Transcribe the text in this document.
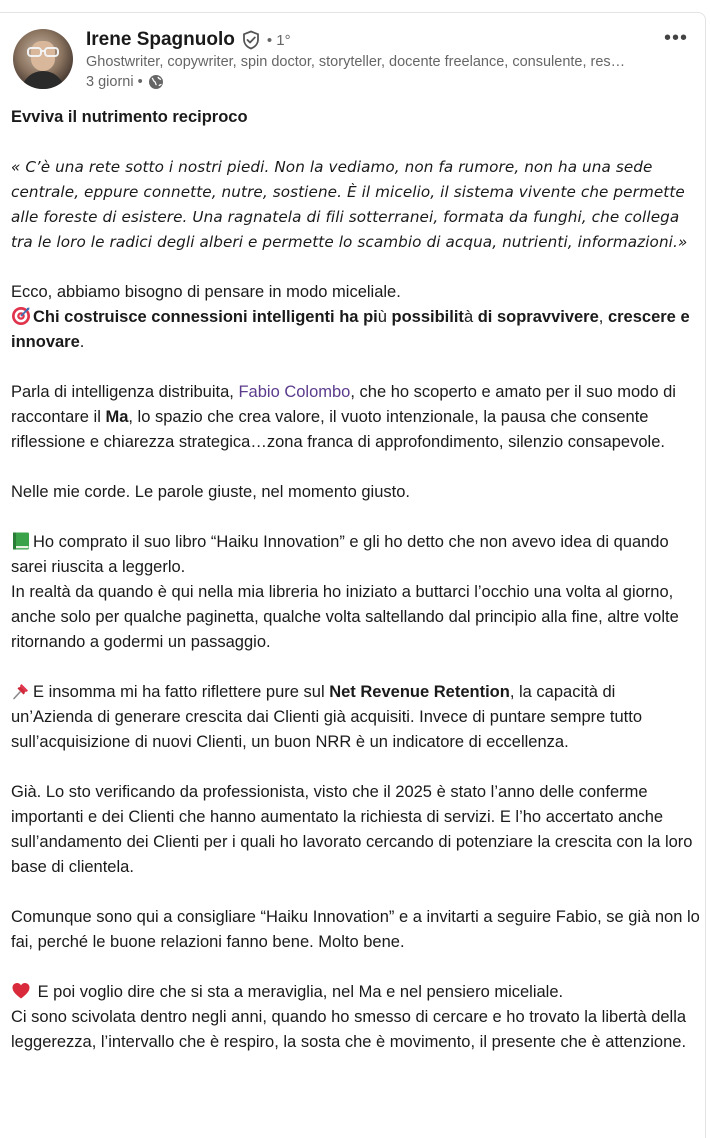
Irene Spagnuolo • 1°
Ghostwriter, copywriter, spin doctor, storyteller, docente freelance, consulente, res…
3 giorni •
•••

Evviva il nutrimento reciproco

« C’è una rete sotto i nostri piedi. Non la vediamo, non fa rumore, non ha una sede centrale, eppure connette, nutre, sostiene. È il micelio, il sistema vivente che permette alle foreste di esistere. Una ragnatela di fili sotterranei, formata da funghi, che collega tra le loro le radici degli alberi e permette lo scambio di acqua, nutrienti, informazioni.»

Ecco, abbiamo bisogno di pensare in modo miceliale.

Chi costruisce connessioni intelligenti ha più possibilità di sopravvivere, crescere e innovare.

Parla di intelligenza distribuita, Fabio Colombo, che ho scoperto e amato per il suo modo di raccontare il Ma, lo spazio che crea valore, il vuoto intenzionale, la pausa che consente riflessione e chiarezza strategica…zona franca di approfondimento, silenzio consapevole.

Nelle mie corde. Le parole giuste, nel momento giusto.

Ho comprato il suo libro “Haiku Innovation” e gli ho detto che non avevo idea di quando sarei riuscita a leggerlo.

In realtà da quando è qui nella mia libreria ho iniziato a buttarci l’occhio una volta al giorno, anche solo per qualche paginetta, qualche volta saltellando dal principio alla fine, altre volte ritornando a godermi un passaggio.

E insomma mi ha fatto riflettere pure sul Net Revenue Retention, la capacità di un’Azienda di generare crescita dai Clienti già acquisiti. Invece di puntare sempre tutto sull’acquisizione di nuovi Clienti, un buon NRR è un indicatore di eccellenza.

Già. Lo sto verificando da professionista, visto che il 2025 è stato l’anno delle conferme importanti e dei Clienti che hanno aumentato la richiesta di servizi. E l’ho accertato anche sull’andamento dei Clienti per i quali ho lavorato cercando di potenziare la crescita con la loro base di clientela.

Comunque sono qui a consigliare “Haiku Innovation” e a invitarti a seguire Fabio, se già non lo fai, perché le buone relazioni fanno bene. Molto bene.

E poi voglio dire che si sta a meraviglia, nel Ma e nel pensiero miceliale.

Ci sono scivolata dentro negli anni, quando ho smesso di cercare e ho trovato la libertà della leggerezza, l’intervallo che è respiro, la sosta che è movimento, il presente che è attenzione.
